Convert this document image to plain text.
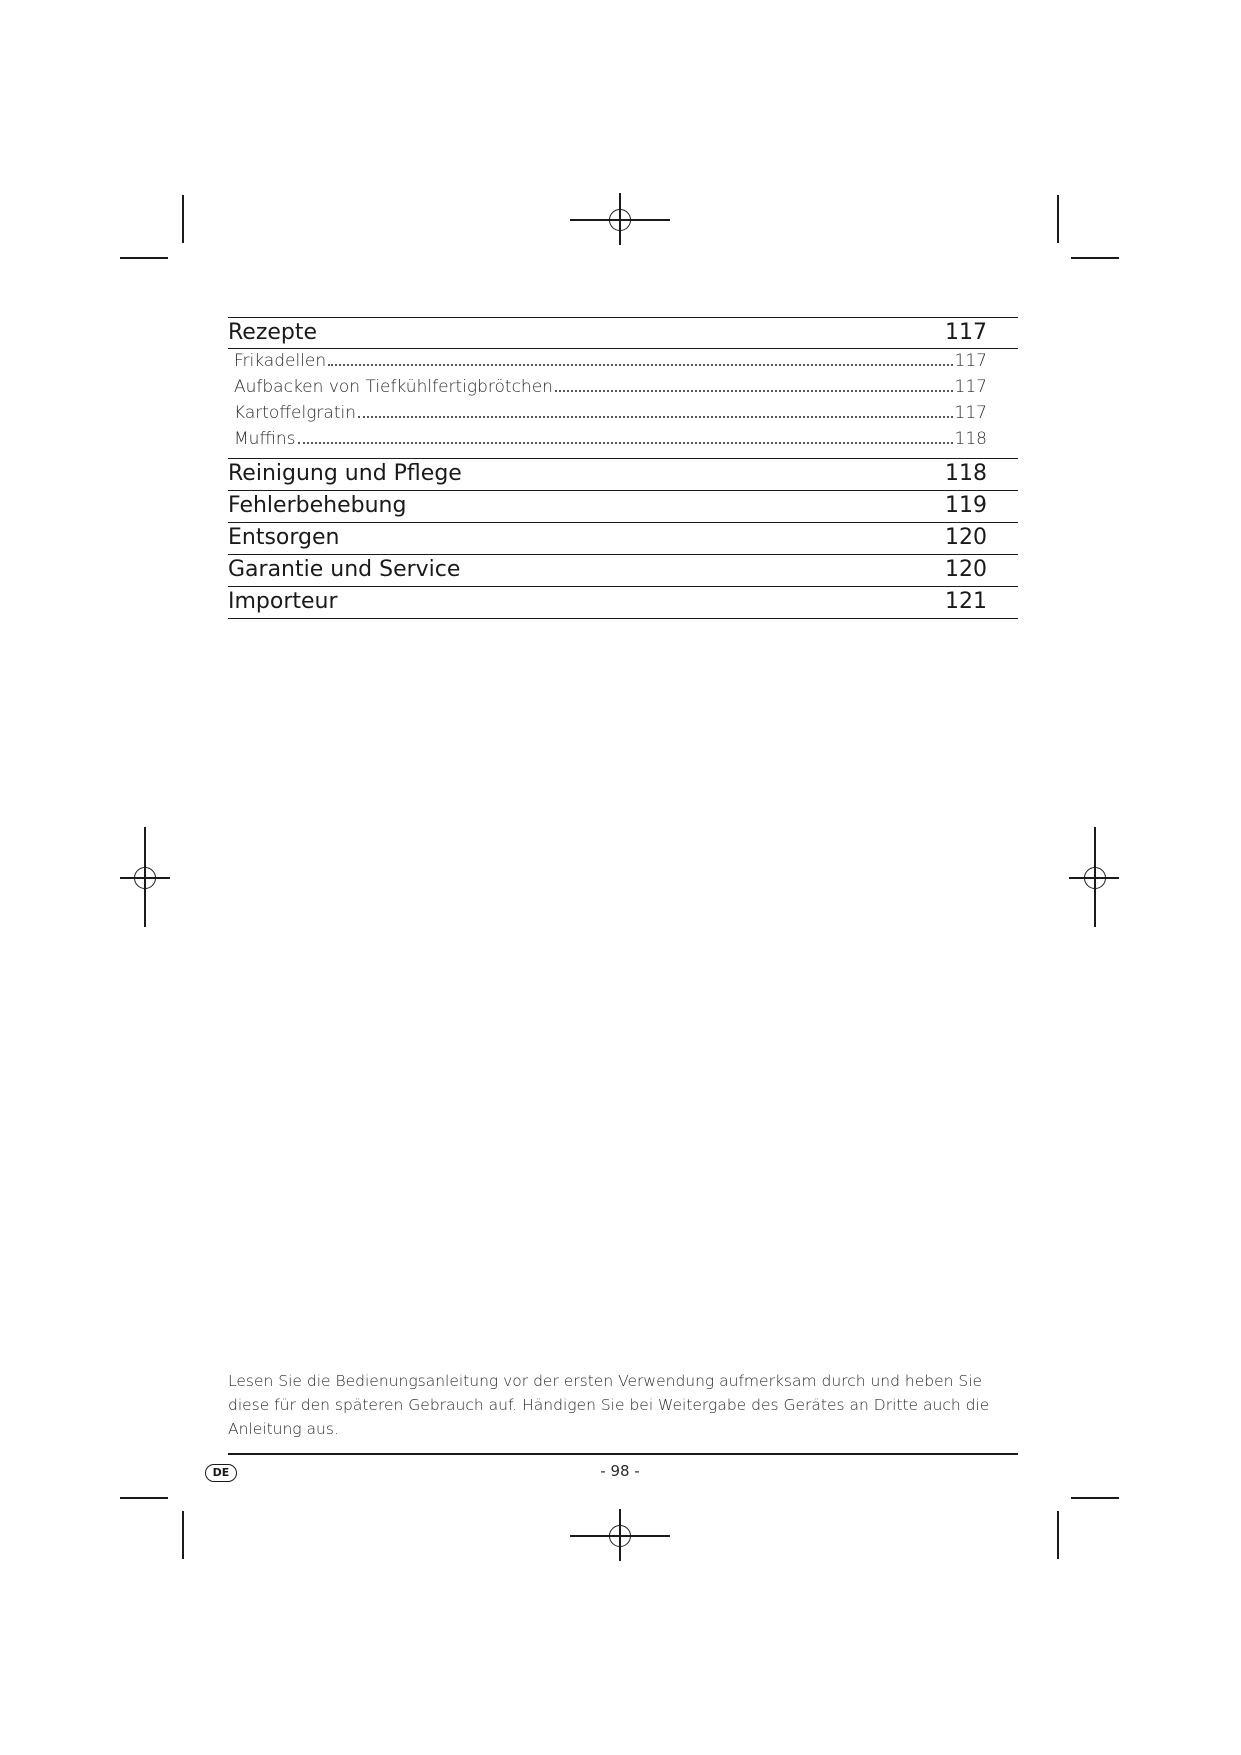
Rezepte	117
Frikadellen	117
Aufbacken von Tiefkühlfertigbrötchen	117
Kartoffelgratin	117
Muffins	118
Reinigung und Pflege	118
Fehlerbehebung	119
Entsorgen	120
Garantie und Service	120
Importeur	121
Lesen Sie die Bedienungsanleitung vor der ersten Verwendung aufmerksam durch und heben Sie diese für den späteren Gebrauch auf. Händigen Sie bei Weitergabe des Gerätes an Dritte auch die Anleitung aus.
DE	- 98 -
